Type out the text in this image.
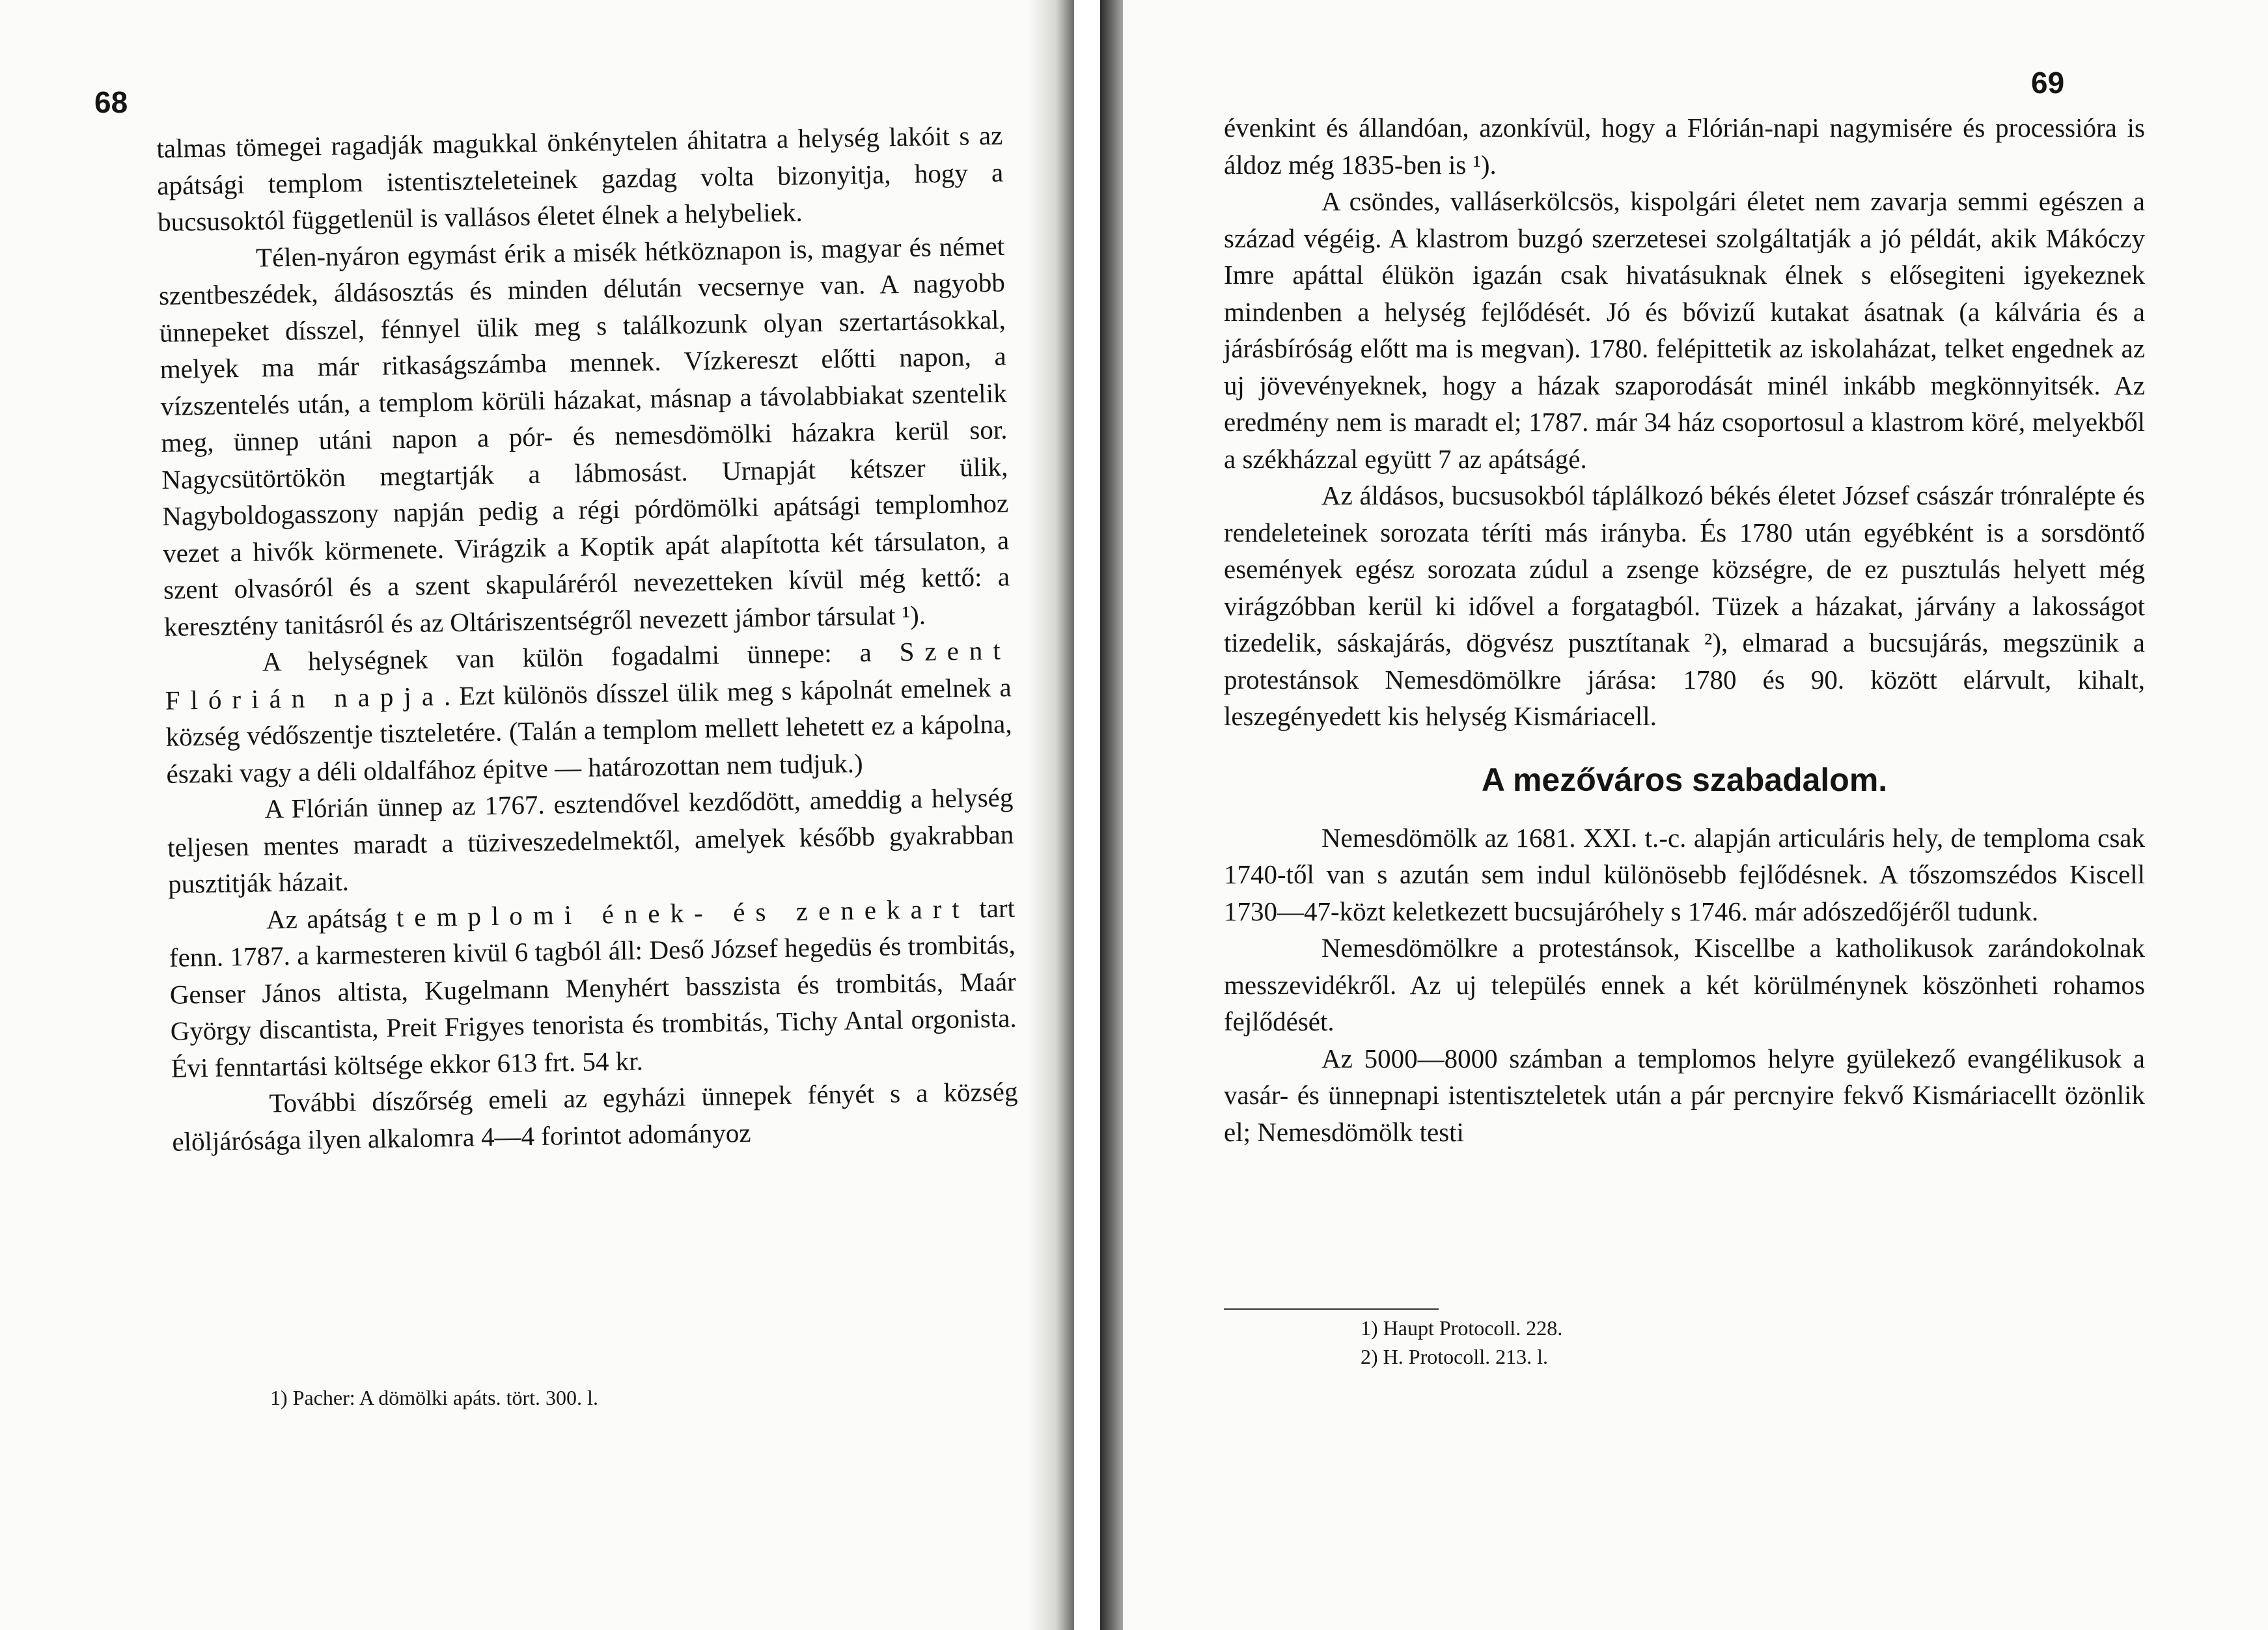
68

talmas tömegei ragadják magukkal önkénytelen áhitatra a helység lakóit s az apátsági templom istentiszteleteinek gazdag volta bizonyitja, hogy a bucsusoktól függetlenül is vallásos életet élnek a helybeliek.

Télen-nyáron egymást érik a misék hétköznapon is, magyar és német szentbeszédek, áldásosztás és minden délután vecsernye van. A nagyobb ünnepeket dísszel, fénnyel ülik meg s találkozunk olyan szertartásokkal, melyek ma már ritkaságszámba mennek. Vízkereszt előtti napon, a vízszentelés után, a templom körüli házakat, másnap a távolabbiakat szentelik meg, ünnep utáni napon a pór- és nemesdömölki házakra kerül sor. Nagycsütörtökön megtartják a lábmosást. Urnapját kétszer ülik, Nagyboldogasszony napján pedig a régi pórdömölki apátsági templomhoz vezet a hivők körmenete. Virágzik a Koptik apát alapította két társulaton, a szent olvasóról és a szent skapuláréról nevezetteken kívül még kettő: a keresztény tanitásról és az Oltáriszentségről nevezett jámbor társulat ¹).

A helységnek van külön fogadalmi ünnepe: a Szent Flórián napja. Ezt különös dísszel ülik meg s kápolnát emelnek a község védőszentje tiszteletére. (Talán a templom mellett lehetett ez a kápolna, északi vagy a déli oldalfához épitve — határozottan nem tudjuk.)

A Flórián ünnep az 1767. esztendővel kezdődött, ameddig a helység teljesen mentes maradt a tüziveszedelmektől, amelyek később gyakrabban pusztitják házait.

Az apátság templomi ének- és zenekart tart fenn. 1787. a karmesteren kivül 6 tagból áll: Deső József hegedüs és trombitás, Genser János altista, Kugelmann Menyhért basszista és trombitás, Maár György discantista, Preit Frigyes tenorista és trombitás, Tichy Antal orgonista. Évi fenntartási költsége ekkor 613 frt. 54 kr.

További díszőrség emeli az egyházi ünnepek fényét s a község elöljárósága ilyen alkalomra 4—4 forintot adományoz

1) Pacher: A dömölki apáts. tört. 300. l.

69

évenkint és állandóan, azonkívül, hogy a Flórián-napi nagymisére és processióra is áldoz még 1835-ben is ¹).

A csöndes, valláserkölcsös, kispolgári életet nem zavarja semmi egészen a század végéig. A klastrom buzgó szerzetesei szolgáltatják a jó példát, akik Mákóczy Imre apáttal élükön igazán csak hivatásuknak élnek s elősegiteni igyekeznek mindenben a helység fejlődését. Jó és bővizű kutakat ásatnak (a kálvária és a járásbíróság előtt ma is megvan). 1780. felépittetik az iskolaházat, telket engednek az uj jövevényeknek, hogy a házak szaporodását minél inkább megkönnyitsék. Az eredmény nem is maradt el; 1787. már 34 ház csoportosul a klastrom köré, melyekből a székházzal együtt 7 az apátságé.

Az áldásos, bucsusokból táplálkozó békés életet József császár trónralépte és rendeleteinek sorozata téríti más irányba. És 1780 után egyébként is a sorsdöntő események egész sorozata zúdul a zsenge községre, de ez pusztulás helyett még virágzóbban kerül ki idővel a forgatagból. Tüzek a házakat, járvány a lakosságot tizedelik, sáskajárás, dögvész pusztítanak ²), elmarad a bucsujárás, megszünik a protestánsok Nemesdömölkre járása: 1780 és 90. között elárvult, kihalt, leszegényedett kis helység Kismáriacell.

A mezőváros szabadalom.

Nemesdömölk az 1681. XXI. t.-c. alapján articuláris hely, de temploma csak 1740-től van s azután sem indul különösebb fejlődésnek. A tőszomszédos Kiscell 1730—47-közt keletkezett bucsujáróhely s 1746. már adószedőjéről tudunk.

Nemesdömölkre a protestánsok, Kiscellbe a katholikusok zarándokolnak messzevidékről. Az uj település ennek a két körülménynek köszönheti rohamos fejlődését.

Az 5000—8000 számban a templomos helyre gyülekező evangélikusok a vasár- és ünnepnapi istentiszteletek után a pár percnyire fekvő Kismáriacellt özönlik el; Nemesdömölk testi

1) Haupt Protocoll. 228.

2) H. Protocoll. 213. l.
